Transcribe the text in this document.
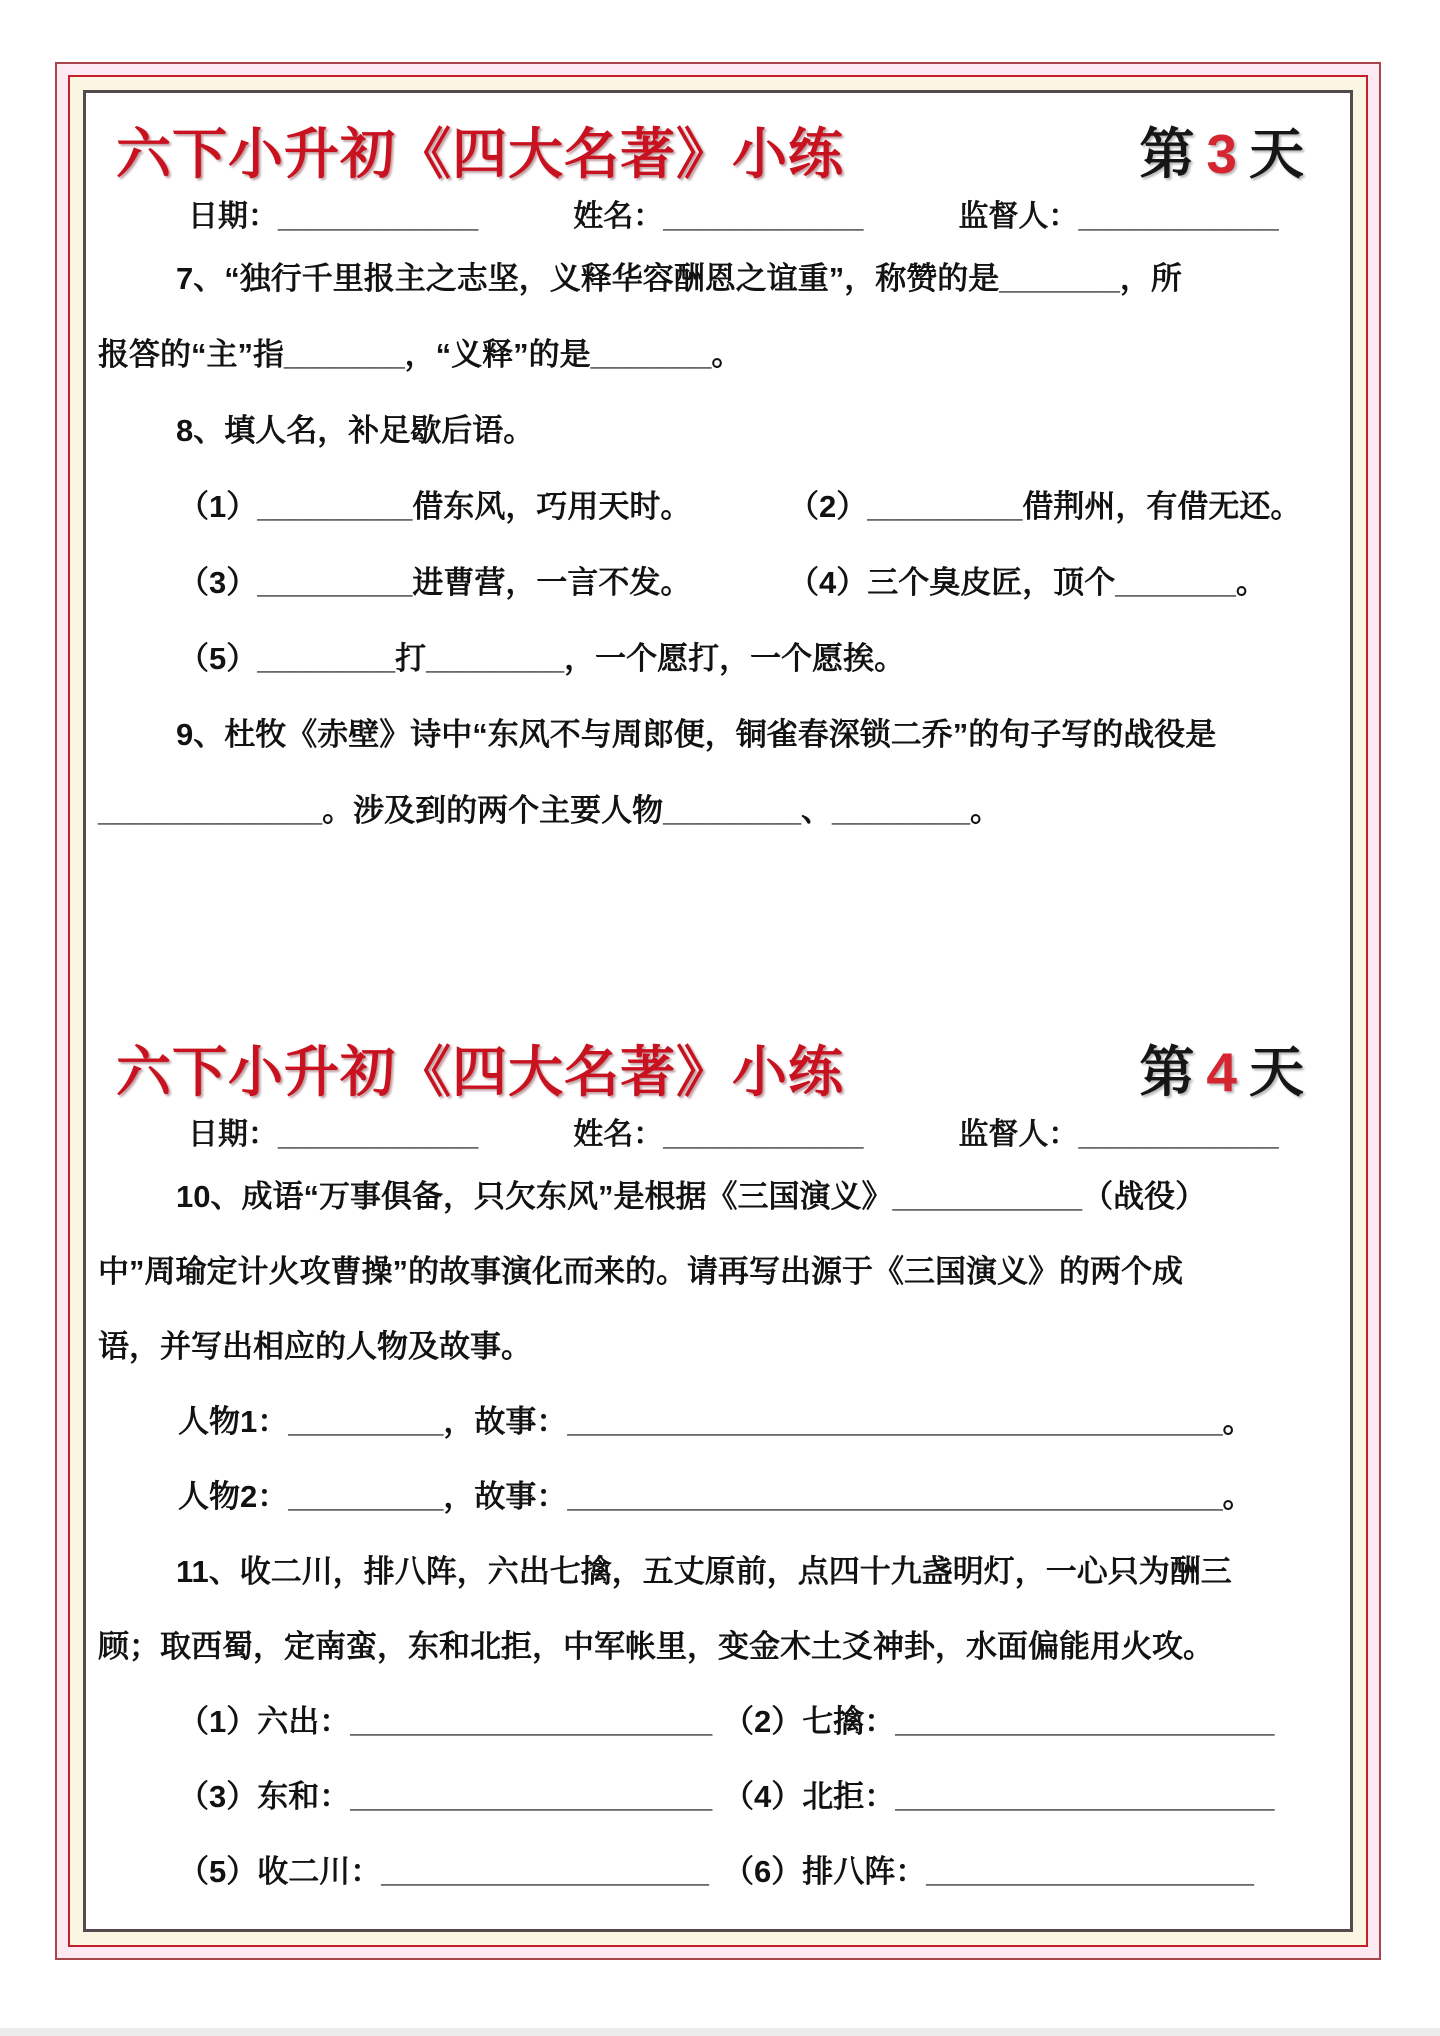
六下小升初《四大名著》小练	第 3 天
日期： ____________	姓名： ____________	监督人： ____________
7、“独行千里报主之志坚，义释华容酬恩之谊重”，称赞的是_______，所
报答的“主”指_______，“义释”的是_______。
8、填人名，补足歇后语。
（1）_________借东风，巧用天时。	（2）_________借荆州，有借无还。
（3）_________进曹营，一言不发。	（4）三个臭皮匠，顶个_______。
（5）________打________，一个愿打，一个愿挨。
9、杜牧《赤壁》诗中“东风不与周郎便，铜雀春深锁二乔”的句子写的战役是
_____________。涉及到的两个主要人物________、________。
六下小升初《四大名著》小练	第 4 天
日期： ____________	姓名： ____________	监督人： ____________
10、成语“万事俱备，只欠东风”是根据《三国演义》___________（战役）
中”周瑜定计火攻曹操”的故事演化而来的。请再写出源于《三国演义》的两个成
语，并写出相应的人物及故事。
人物1：_________，故事：______________________________________。
人物2：_________，故事：______________________________________。
11、收二川，排八阵，六出七擒，五丈原前，点四十九盏明灯，一心只为酬三
顾；取西蜀，定南蛮，东和北拒，中军帐里，变金木土爻神卦，水面偏能用火攻。
（1）六出：_____________________ （2）七擒：______________________
（3）东和：_____________________ （4）北拒：______________________
（5）收二川：___________________ （6）排八阵：___________________
